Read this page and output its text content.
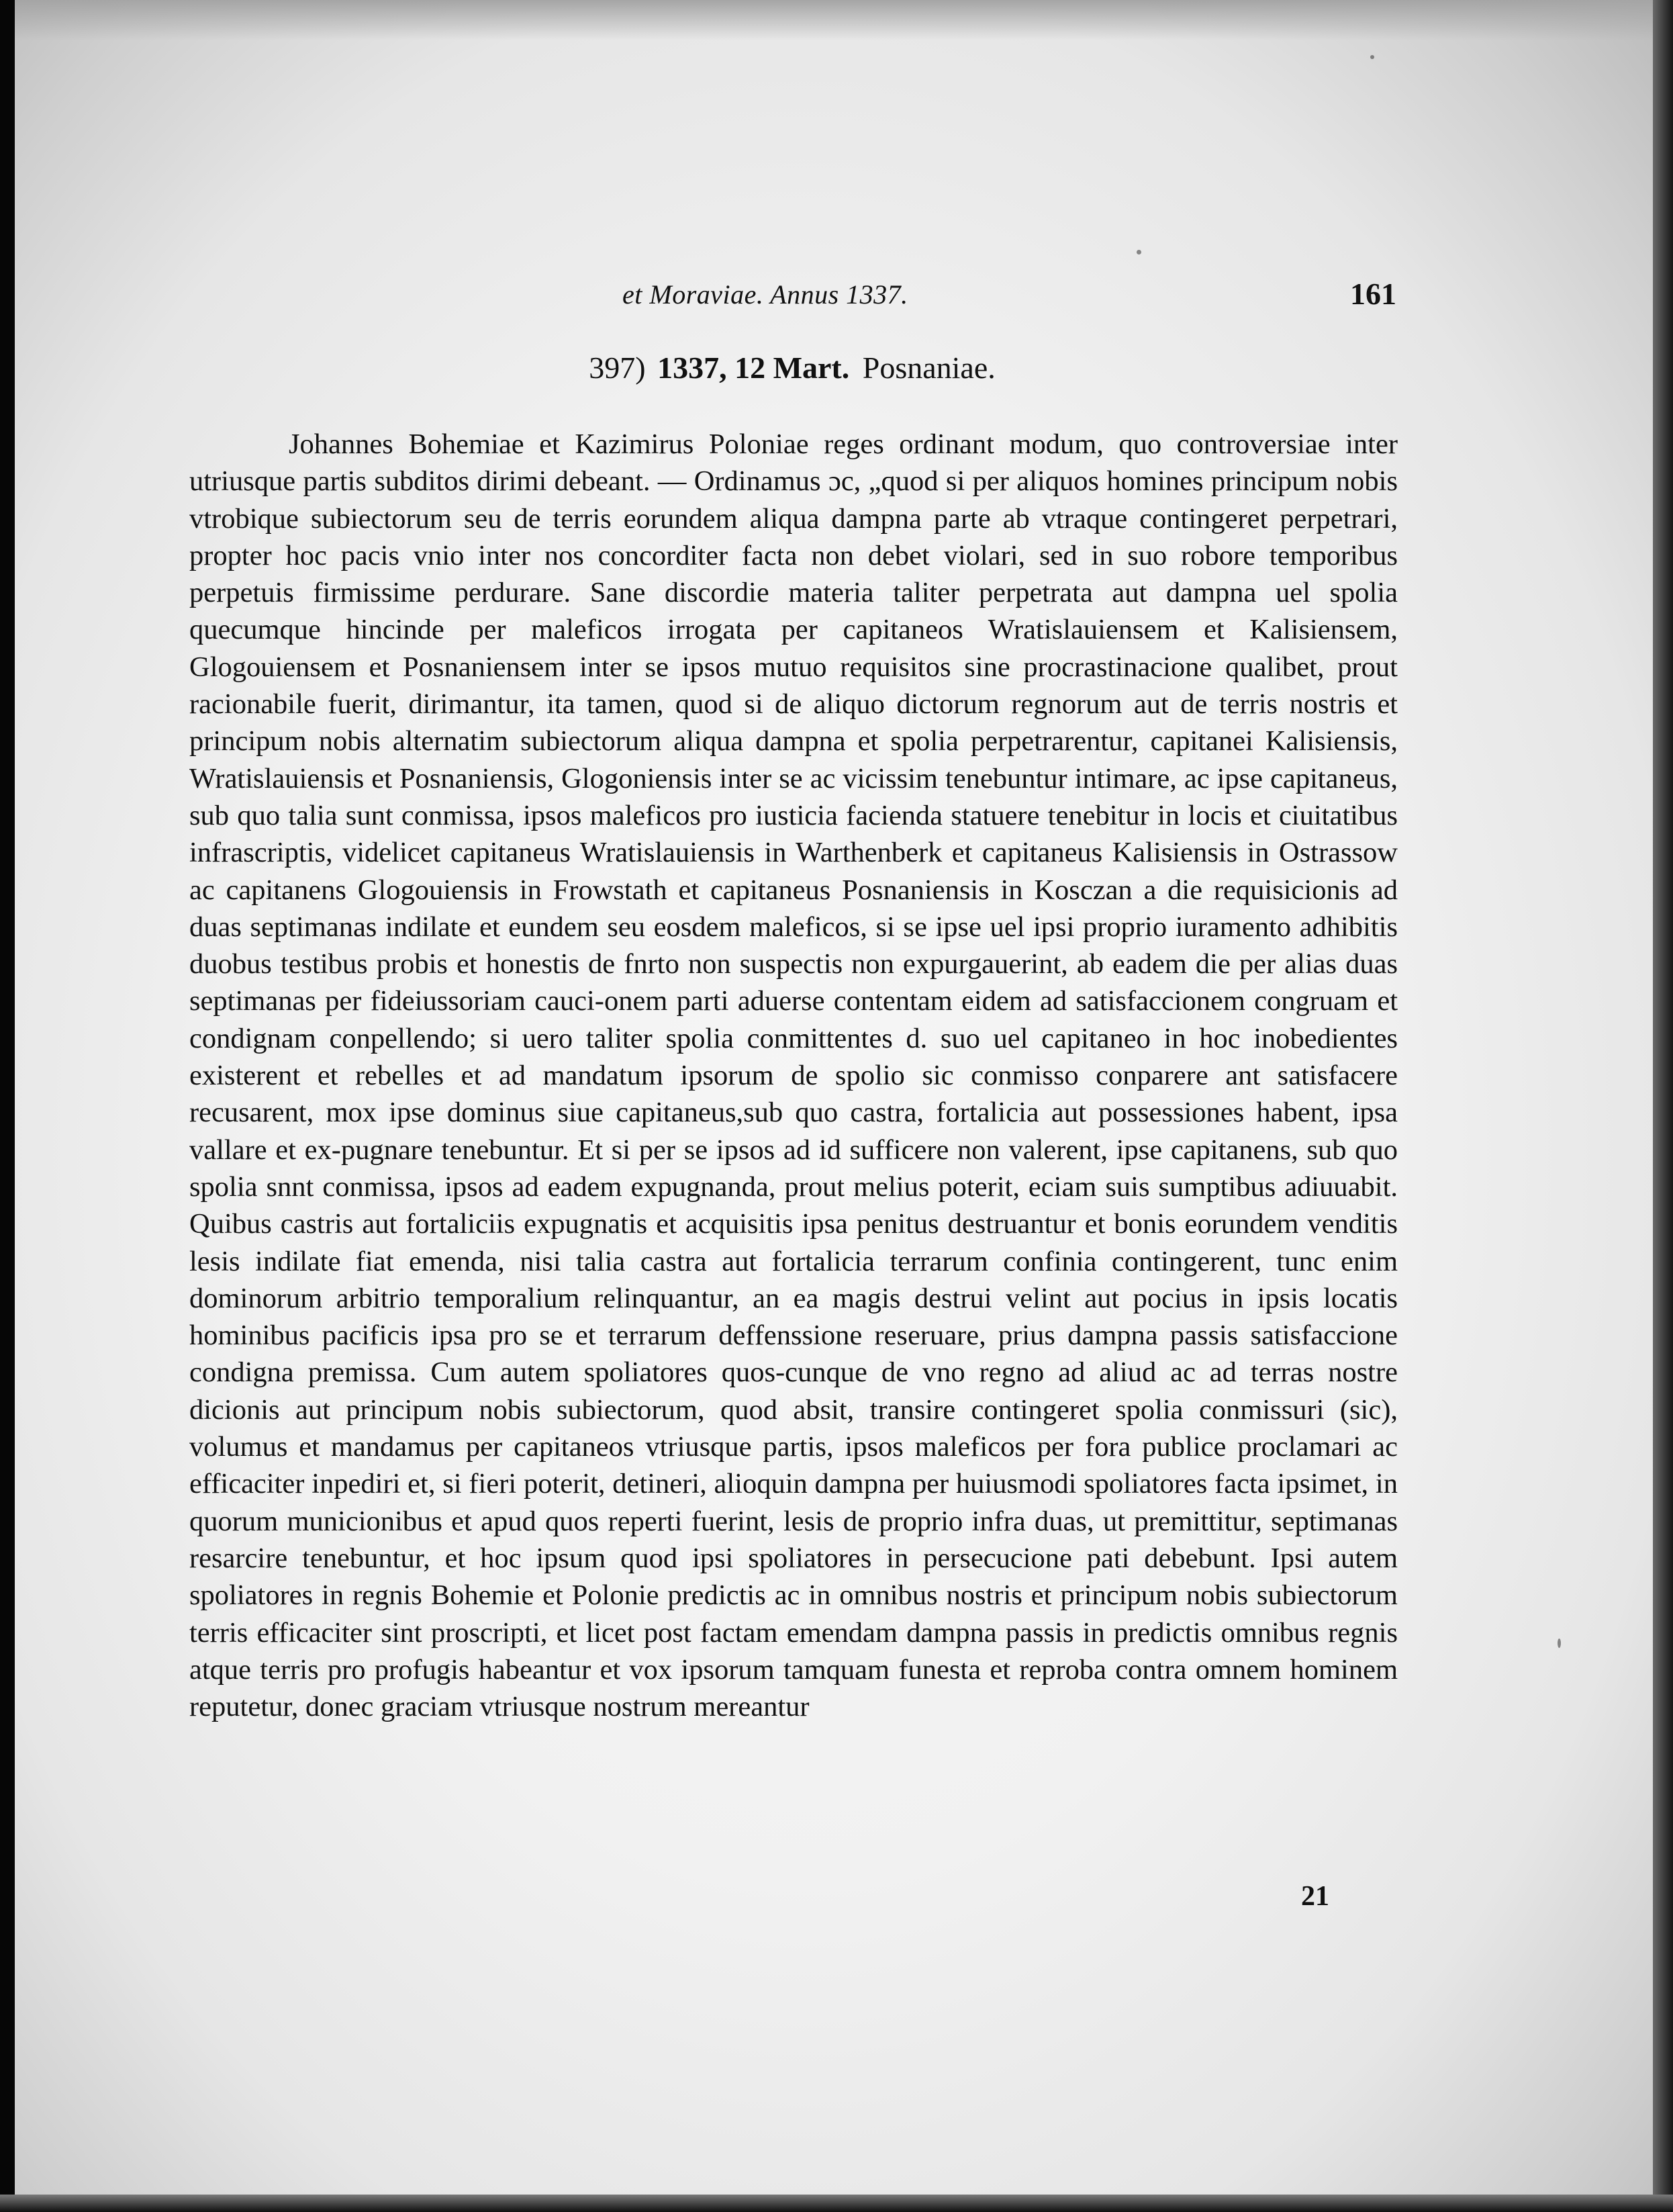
et Moraviae. Annus 1337.	161
397) 1337, 12 Mart. Posnaniae.
Johannes Bohemiae et Kazimirus Poloniae reges ordinant modum, quo controversiae inter utriusque partis subditos dirimi debeant. — Ordinamus ɔc, „quod si per aliquos homines principum nobis vtrobique subiectorum seu de terris eorundem aliqua dampna parte ab vtraque contingeret perpetrari, propter hoc pacis vnio inter nos concorditer facta non debet violari, sed in suo robore temporibus perpetuis firmissime perdurare. Sane discordie materia taliter perpetrata aut dampna uel spolia quecumque hincinde per maleficos irrogata per capitaneos Wratislauiensem et Kalisiensem, Glogouiensem et Posnaniensem inter se ipsos mutuo requisitos sine procrastinacione qualibet, prout racionabile fuerit, dirimantur, ita tamen, quod si de aliquo dictorum regnorum aut de terris nostris et principum nobis alternatim subiectorum aliqua dampna et spolia perpetrarentur, capitanei Kalisiensis, Wratislauiensis et Posnaniensis, Glogoniensis inter se ac vicissim tenebuntur intimare, ac ipse capitaneus, sub quo talia sunt conmissa, ipsos maleficos pro iusticia facienda statuere tenebitur in locis et ciuitatibus infrascriptis, videlicet capitaneus Wratislauiensis in Warthenberk et capitaneus Kalisiensis in Ostrassow ac capitanens Glogouiensis in Frowstath et capitaneus Posnaniensis in Kosczan a die requisicionis ad duas septimanas indilate et eundem seu eosdem maleficos, si se ipse uel ipsi proprio iuramento adhibitis duobus testibus probis et honestis de fnrto non suspectis non expurgauerint, ab eadem die per alias duas septimanas per fideiussoriam cauci-onem parti aduerse contentam eidem ad satisfaccionem congruam et condignam conpellendo; si uero taliter spolia conmittentes d. suo uel capitaneo in hoc inobedientes existerent et rebelles et ad mandatum ipsorum de spolio sic conmisso conparere ant satisfacere recusarent, mox ipse dominus siue capitaneus,sub quo castra, fortalicia aut possessiones habent, ipsa vallare et ex-pugnare tenebuntur. Et si per se ipsos ad id sufficere non valerent, ipse capitanens, sub quo spolia snnt conmissa, ipsos ad eadem expugnanda, prout melius poterit, eciam suis sumptibus adiuuabit. Quibus castris aut fortaliciis expugnatis et acquisitis ipsa penitus destruantur et bonis eorundem venditis lesis indilate fiat emenda, nisi talia castra aut fortalicia terrarum confinia contingerent, tunc enim dominorum arbitrio temporalium relinquantur, an ea magis destrui velint aut pocius in ipsis locatis hominibus pacificis ipsa pro se et terrarum deffenssione reseruare, prius dampna passis satisfaccione condigna premissa. Cum autem spoliatores quos-cunque de vno regno ad aliud ac ad terras nostre dicionis aut principum nobis subiectorum, quod absit, transire contingeret spolia conmissuri (sic), volumus et mandamus per capitaneos vtriusque partis, ipsos maleficos per fora publice proclamari ac efficaciter inpediri et, si fieri poterit, detineri, alioquin dampna per huiusmodi spoliatores facta ipsimet, in quorum municionibus et apud quos reperti fuerint, lesis de proprio infra duas, ut premittitur, septimanas resarcire tenebuntur, et hoc ipsum quod ipsi spoliatores in persecucione pati debebunt. Ipsi autem spoliatores in regnis Bohemie et Polonie predictis ac in omnibus nostris et principum nobis subiectorum terris efficaciter sint proscripti, et licet post factam emendam dampna passis in predictis omnibus regnis atque terris pro profugis habeantur et vox ipsorum tamquam funesta et reproba contra omnem hominem reputetur, donec graciam vtriusque nostrum mereantur
21
